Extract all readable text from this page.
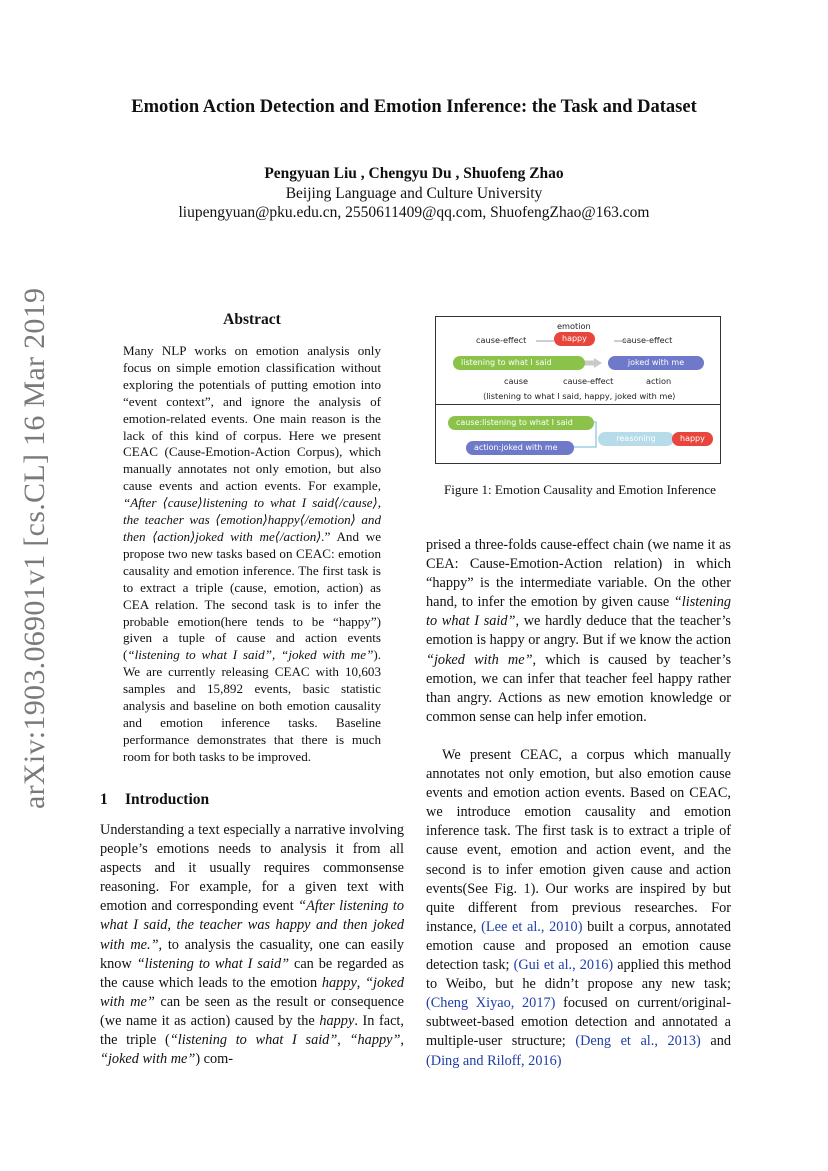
Emotion Action Detection and Emotion Inference: the Task and Dataset
Pengyuan Liu , Chengyu Du , Shuofeng Zhao
Beijing Language and Culture University
liupengyuan@pku.edu.cn, 2550611409@qq.com, ShuofengZhao@163.com
arXiv:1903.06901v1 [cs.CL] 16 Mar 2019	Abstract
Many NLP works on emotion analysis only focus on simple emotion classification without exploring the potentials of putting emotion into “event context”, and ignore the analysis of emotion-related events. One main reason is the lack of this kind of corpus. Here we present CEAC (Cause-Emotion-Action Corpus), which manually annotates not only emotion, but also cause events and action events. For example, “After ⟨cause⟩listening to what I said⟨/cause⟩, the teacher was ⟨emotion⟩happy⟨/emotion⟩ and then ⟨action⟩joked with me⟨/action⟩.” And we propose two new tasks based on CEAC: emotion causality and emotion inference. The first task is to extract a triple (cause, emotion, action) as CEA relation. The second task is to infer the probable emotion(here tends to be “happy”) given a tuple of cause and action events (“listening to what I said”, “joked with me”). We are currently releasing CEAC with 10,603 samples and 15,892 events, basic statistic analysis and baseline on both emotion causality and emotion inference tasks. Baseline performance demonstrates that there is much room for both tasks to be improved.
1 Introduction
Understanding a text especially a narrative involving people’s emotions needs to analysis it from all aspects and it usually requires commonsense reasoning. For example, for a given text with emotion and corresponding event “After listening to what I said, the teacher was happy and then joked with me.”, to analysis the casuality, one can easily know “listening to what I said” can be regarded as the cause which leads to the emotion happy, “joked with me” can be seen as the result or consequence (we name it as action) caused by the happy. In fact, the triple (“listening to what I said”, “happy”, “joked with me”) com-
emotion
happy
cause-effect	cause-effect
listening to what I said	joked with me
cause	cause-effect	action
⟨listening to what I said, happy, joked with me⟩
cause:listening to what I said
action:joked with me
reasoning	happy
Figure 1: Emotion Causality and Emotion Inference
prised a three-folds cause-effect chain (we name it as CEA: Cause-Emotion-Action relation) in which “happy” is the intermediate variable. On the other hand, to infer the emotion by given cause “listening to what I said”, we hardly deduce that the teacher’s emotion is happy or angry. But if we know the action “joked with me”, which is caused by teacher’s emotion, we can infer that teacher feel happy rather than angry. Actions as new emotion knowledge or common sense can help infer emotion.
We present CEAC, a corpus which manually annotates not only emotion, but also emotion cause events and emotion action events. Based on CEAC, we introduce emotion causality and emotion inference task. The first task is to extract a triple of cause event, emotion and action event, and the second is to infer emotion given cause and action events(See Fig. 1). Our works are inspired by but quite different from previous researches. For instance, (Lee et al., 2010) built a corpus, annotated emotion cause and proposed an emotion cause detection task; (Gui et al., 2016) applied this method to Weibo, but he didn’t propose any new task; (Cheng Xiyao, 2017) focused on current/original-subtweet-based emotion detection and annotated a multiple-user structure; (Deng et al., 2013) and (Ding and Riloff, 2016)
